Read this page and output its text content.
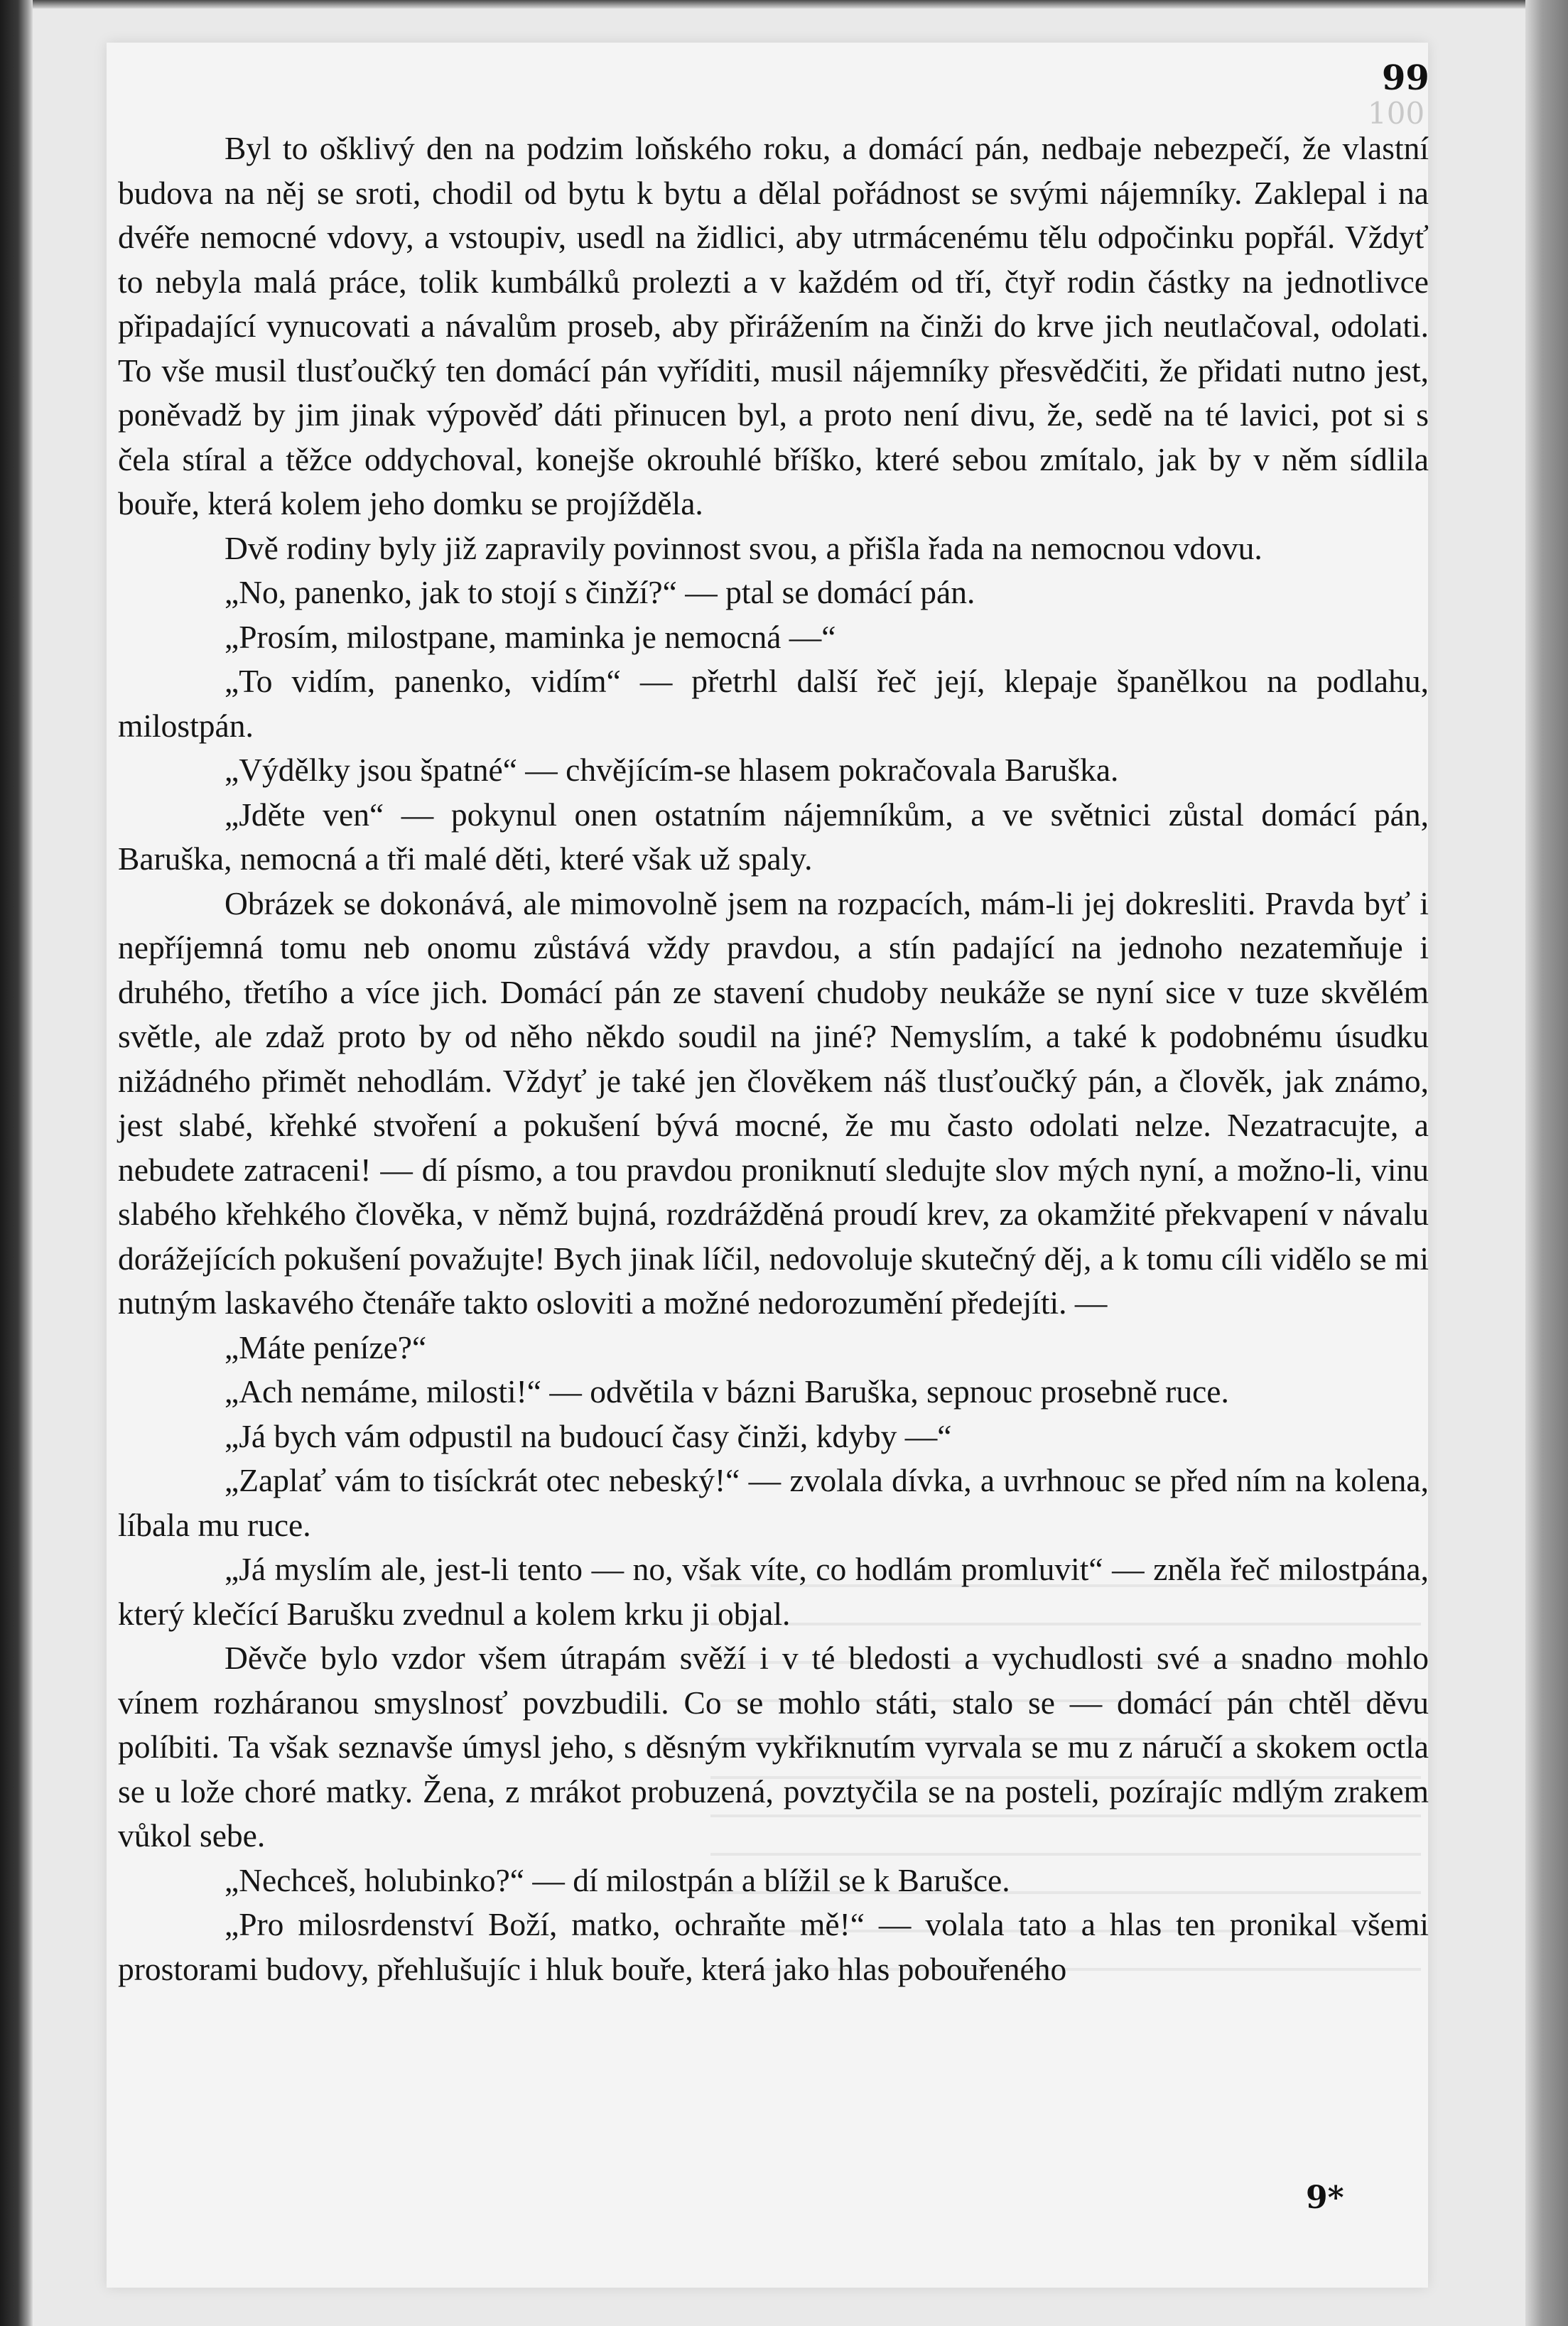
100
99

Byl to ošklivý den na podzim loňského roku, a domácí pán, nedbaje nebezpečí, že vlastní budova na něj se sroti, chodil od bytu k bytu a dělal pořádnost se svými nájemníky. Zaklepal i na dvéře nemocné vdovy, a vstoupiv, usedl na židlici, aby utrmácenému tělu odpočinku popřál. Vždyť to nebyla malá práce, tolik kumbálků prolezti a v každém od tří, čtyř rodin částky na jednotlivce připadající vynucovati a návalům proseb, aby přirážením na činži do krve jich neutlačoval, odolati. To vše musil tlusťoučký ten domácí pán vyříditi, musil nájemníky přesvědčiti, že přidati nutno jest, poněvadž by jim jinak výpověď dáti přinucen byl, a proto není divu, že, sedě na té lavici, pot si s čela stíral a těžce oddychoval, konejše okrouhlé bříško, které sebou zmítalo, jak by v něm sídlila bouře, která kolem jeho domku se projížděla.

Dvě rodiny byly již zapravily povinnost svou, a přišla řada na nemocnou vdovu.

„No, panenko, jak to stojí s činží?“ — ptal se domácí pán.

„Prosím, milostpane, maminka je nemocná —“

„To vidím, panenko, vidím“ — přetrhl další řeč její, klepaje španělkou na podlahu, milostpán.

„Výdělky jsou špatné“ — chvějícím-se hlasem pokračovala Baruška.

„Jděte ven“ — pokynul onen ostatním nájemníkům, a ve světnici zůstal domácí pán, Baruška, nemocná a tři malé děti, které však už spaly.

Obrázek se dokonává, ale mimovolně jsem na rozpacích, mám-li jej dokresliti. Pravda byť i nepříjemná tomu neb onomu zůstává vždy pravdou, a stín padající na jednoho nezatemňuje i druhého, třetího a více jich. Domácí pán ze stavení chudoby neukáže se nyní sice v tuze skvělém světle, ale zdaž proto by od něho někdo soudil na jiné? Nemyslím, a také k podobnému úsudku nižádného přimět nehodlám. Vždyť je také jen člověkem náš tlusťoučký pán, a člověk, jak známo, jest slabé, křehké stvoření a pokušení bývá mocné, že mu často odolati nelze. Nezatracujte, a nebudete zatraceni! — dí písmo, a tou pravdou proniknutí sledujte slov mých nyní, a možno-li, vinu slabého křehkého člověka, v němž bujná, rozdrážděná proudí krev, za okamžité překvapení v návalu dorážejících pokušení považujte! Bych jinak líčil, nedovoluje skutečný děj, a k tomu cíli vidělo se mi nutným laskavého čtenáře takto osloviti a možné nedorozumění předejíti. —

„Máte peníze?“

„Ach nemáme, milosti!“ — odvětila v bázni Baruška, sepnouc prosebně ruce.

„Já bych vám odpustil na budoucí časy činži, kdyby —“

„Zaplať vám to tisíckrát otec nebeský!“ — zvolala dívka, a uvrhnouc se před ním na kolena, líbala mu ruce.

„Já myslím ale, jest-li tento — no, však víte, co hodlám promluvit“ — zněla řeč milostpána, který klečící Barušku zvednul a kolem krku ji objal.

Děvče bylo vzdor všem útrapám svěží i v té bledosti a vychudlosti své a snadno mohlo vínem rozháranou smyslnosť povzbudili. Co se mohlo státi, stalo se — domácí pán chtěl děvu políbiti. Ta však seznavše úmysl jeho, s děsným vykřiknutím vyrvala se mu z náručí a skokem octla se u lože choré matky. Žena, z mrákot probuzená, povztyčila se na posteli, pozírajíc mdlým zrakem vůkol sebe.

„Nechceš, holubinko?“ — dí milostpán a blížil se k Barušce.

„Pro milosrdenství Boží, matko, ochraňte mě!“ — volala tato a hlas ten pronikal všemi prostorami budovy, přehlušujíc i hluk bouře, která jako hlas pobouřeného

9*
